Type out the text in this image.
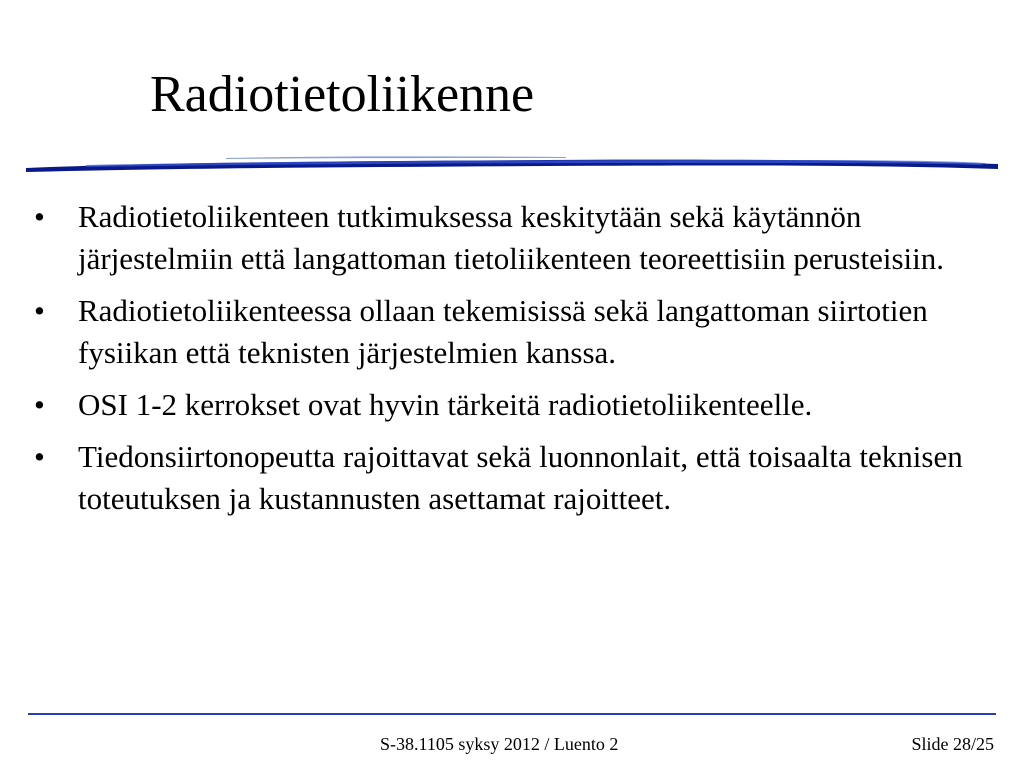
Radiotietoliikenne
• Radiotietoliikenteen tutkimuksessa keskitytään sekä käytännön järjestelmiin että langattoman tietoliikenteen teoreettisiin perusteisiin.
• Radiotietoliikenteessa ollaan tekemisissä sekä langattoman siirtotien fysiikan että teknisten järjestelmien kanssa.
• OSI 1-2 kerrokset ovat hyvin tärkeitä radiotietoliikenteelle.
• Tiedonsiirtonopeutta rajoittavat sekä luonnonlait, että toisaalta teknisen toteutuksen ja kustannusten asettamat rajoitteet.
S-38.1105 syksy 2012 / Luento 2	Slide 28/25
